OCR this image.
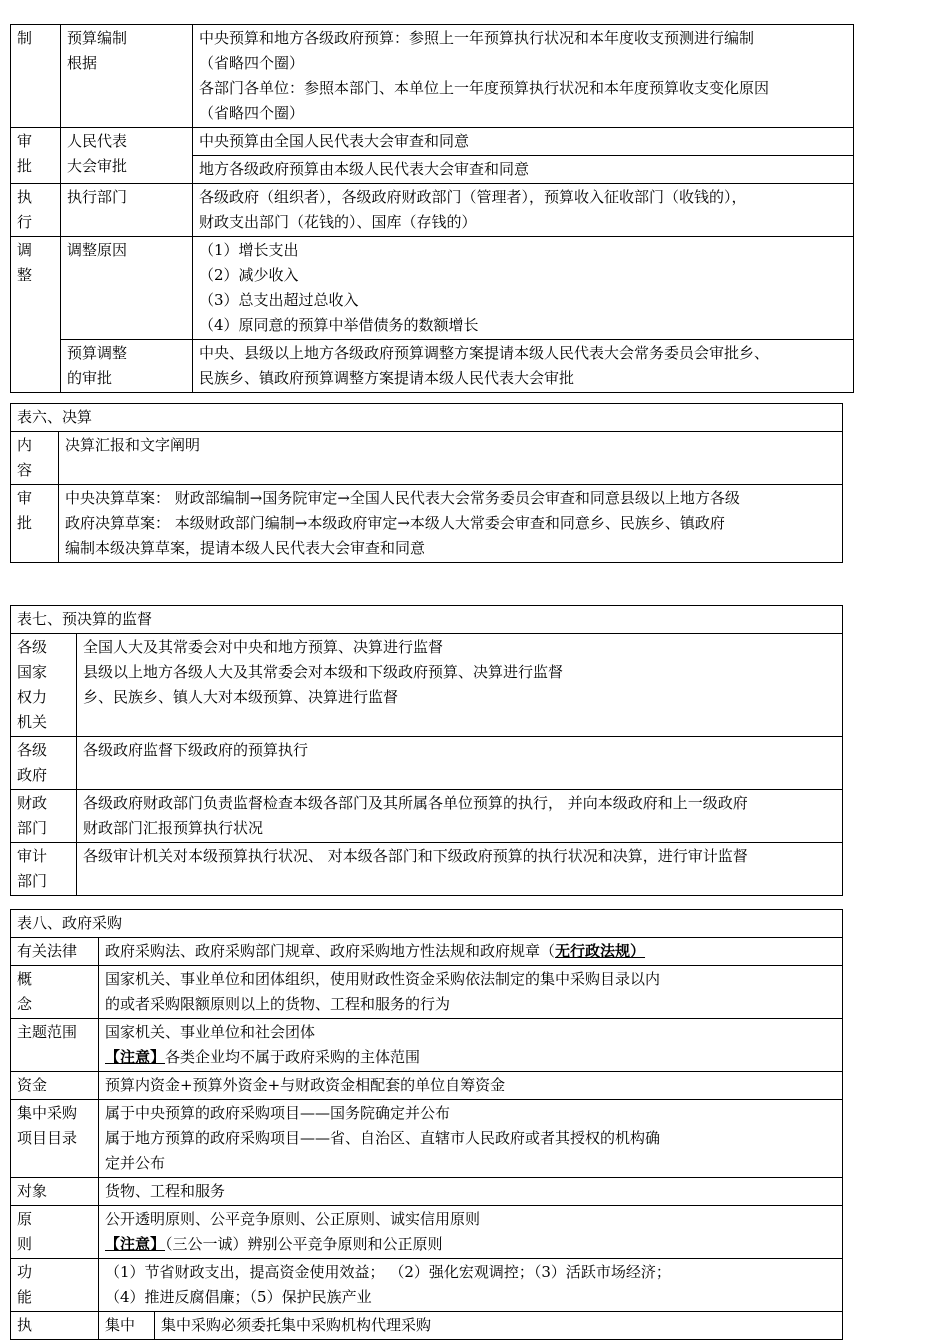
制	预算编制
根据	中央预算和地方各级政府预算：参照上一年预算执行状况和本年度收支预测进行编制
（省略四个圈）
各部门各单位：参照本部门、本单位上一年度预算执行状况和本年度预算收支变化原因
（省略四个圈）

审
批	人民代表
大会审批	中央预算由全国人民代表大会审查和同意

		地方各级政府预算由本级人民代表大会审查和同意

执
行	执行部门	各级政府（组织者），各级政府财政部门（管理者），预算收入征收部门（收钱的），
财政支出部门（花钱的）、国库（存钱的）

调
整	调整原因	（1）增长支出
（2）减少收入
（3）总支出超过总收入
（4）原同意的预算中举借债务的数额增长

	预算调整
的审批	中央、县级以上地方各级政府预算调整方案提请本级人民代表大会常务委员会审批乡、
民族乡、镇政府预算调整方案提请本级人民代表大会审批
表六、决算	

内
容	决算汇报和文字阐明

审
批	中央决算草案： 财政部编制→国务院审定→全国人民代表大会常务委员会审查和同意县级以上地方各级
政府决算草案： 本级财政部门编制→本级政府审定→本级人大常委会审查和同意乡、民族乡、镇政府
编制本级决算草案，提请本级人民代表大会审查和同意
表七、预决算的监督	

各级
国家
权力
机关	全国人大及其常委会对中央和地方预算、决算进行监督
县级以上地方各级人大及其常委会对本级和下级政府预算、决算进行监督
乡、民族乡、镇人大对本级预算、决算进行监督

各级
政府	各级政府监督下级政府的预算执行

财政
部门	各级政府财政部门负责监督检查本级各部门及其所属各单位预算的执行， 并向本级政府和上一级政府
财政部门汇报预算执行状况

审计
部门	各级审计机关对本级预算执行状况、 对本级各部门和下级政府预算的执行状况和决算，进行审计监督
表八、政府采购		

有关法律	政府采购法、政府采购部门规章、政府采购地方性法规和政府规章（无行政法规）	

概
念	国家机关、事业单位和团体组织，使用财政性资金采购依法制定的集中采购目录以内
的或者采购限额原则以上的货物、工程和服务的行为	

主题范围	国家机关、事业单位和社会团体
【注意】各类企业均不属于政府采购的主体范围	

资金	预算内资金+预算外资金+与财政资金相配套的单位自筹资金	

集中采购
项目目录	属于中央预算的政府采购项目——国务院确定并公布
属于地方预算的政府采购项目——省、自治区、直辖市人民政府或者其授权的机构确
定并公布	

对象	货物、工程和服务	

原
则	公开透明原则、公平竞争原则、公正原则、诚实信用原则
【注意】（三公一诚）辨别公平竞争原则和公正原则	

功
能	（1）节省财政支出，提高资金使用效益； （2）强化宏观调控；（3）活跃市场经济；
（4）推进反腐倡廉；（5）保护民族产业	

执	集中	集中采购必须委托集中采购机构代理采购
